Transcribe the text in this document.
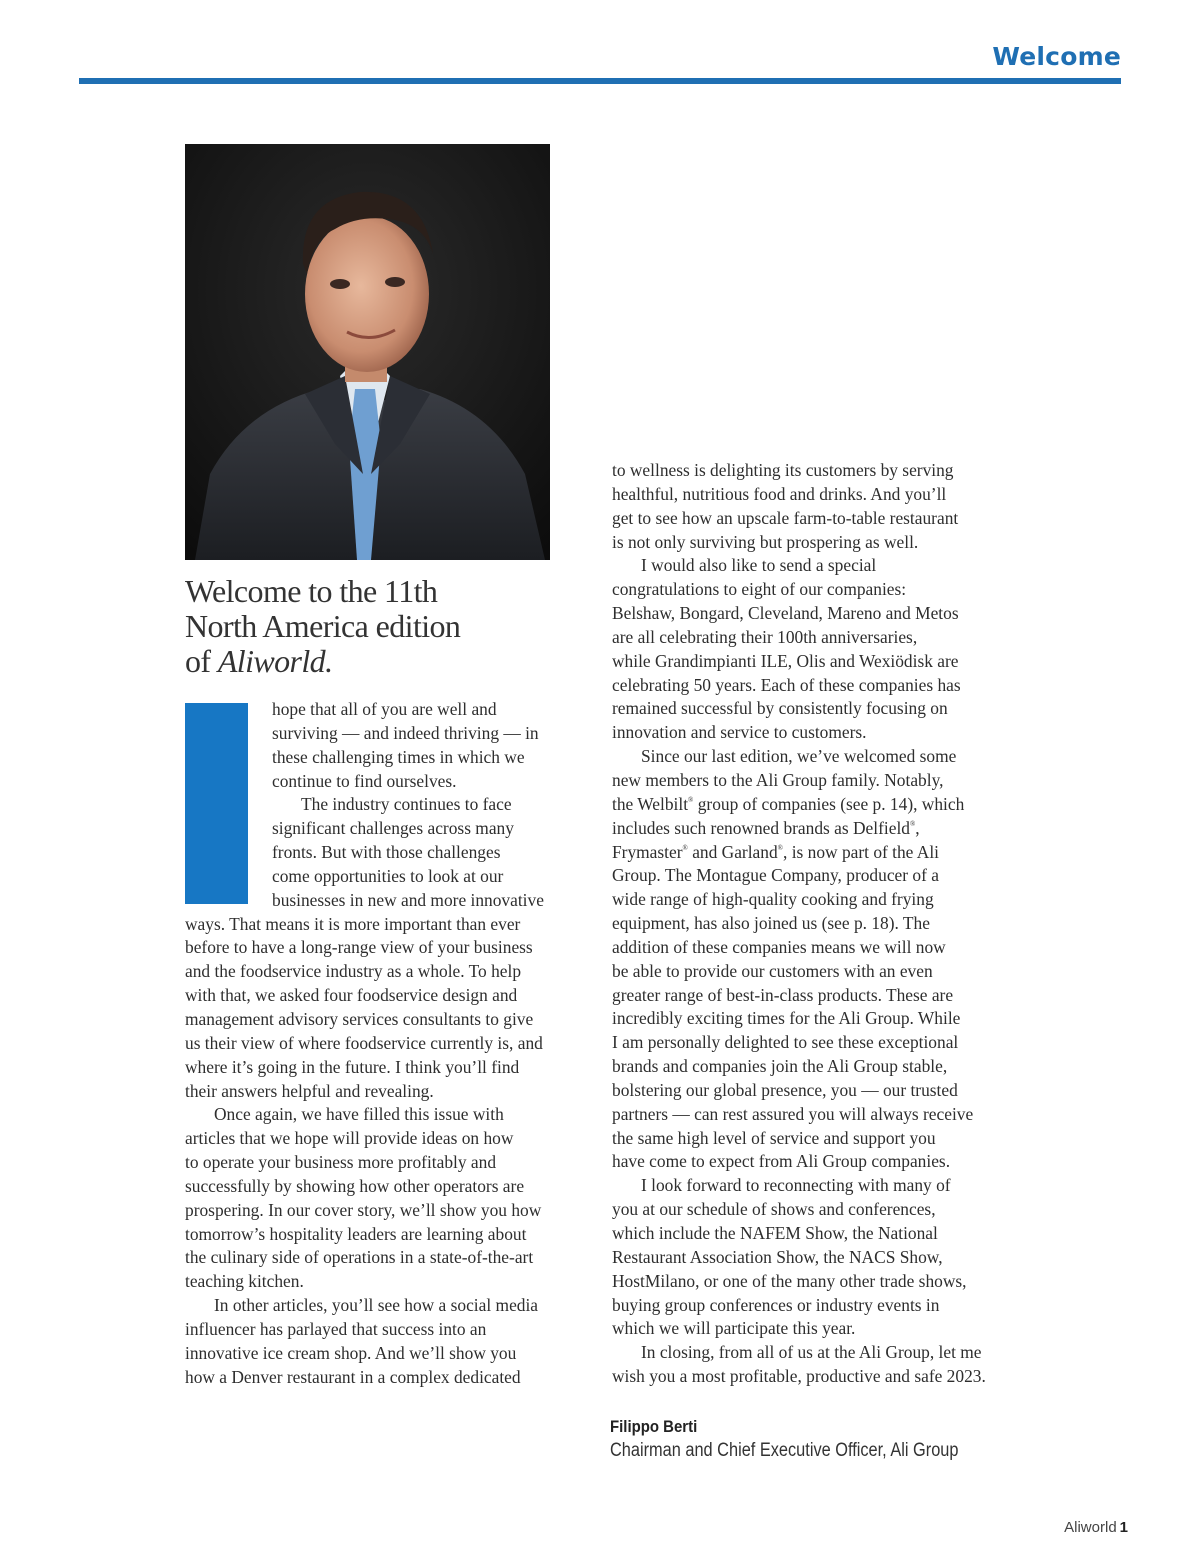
Welcome
Welcome to the 11th
North America edition
of Aliworld.
hope that all of you are well and
surviving — and indeed thriving — in
these challenging times in which we
continue to find ourselves.
The industry continues to face
significant challenges across many
fronts. But with those challenges
come opportunities to look at our
businesses in new and more innovative
ways. That means it is more important than ever
before to have a long-range view of your business
and the foodservice industry as a whole. To help
with that, we asked four foodservice design and
management advisory services consultants to give
us their view of where foodservice currently is, and
where it’s going in the future. I think you’ll find
their answers helpful and revealing.
Once again, we have filled this issue with
articles that we hope will provide ideas on how
to operate your business more profitably and
successfully by showing how other operators are
prospering. In our cover story, we’ll show you how
tomorrow’s hospitality leaders are learning about
the culinary side of operations in a state-of-the-art
teaching kitchen.
In other articles, you’ll see how a social media
influencer has parlayed that success into an
innovative ice cream shop. And we’ll show you
how a Denver restaurant in a complex dedicated
to wellness is delighting its customers by serving
healthful, nutritious food and drinks. And you’ll
get to see how an upscale farm-to-table restaurant
is not only surviving but prospering as well.
I would also like to send a special
congratulations to eight of our companies:
Belshaw, Bongard, Cleveland, Mareno and Metos
are all celebrating their 100th anniversaries,
while Grandimpianti ILE, Olis and Wexiödisk are
celebrating 50 years. Each of these companies has
remained successful by consistently focusing on
innovation and service to customers.
Since our last edition, we’ve welcomed some
new members to the Ali Group family. Notably,
the Welbilt® group of companies (see p. 14), which
includes such renowned brands as Delfield®,
Frymaster® and Garland®, is now part of the Ali
Group. The Montague Company, producer of a
wide range of high-quality cooking and frying
equipment, has also joined us (see p. 18). The
addition of these companies means we will now
be able to provide our customers with an even
greater range of best-in-class products. These are
incredibly exciting times for the Ali Group. While
I am personally delighted to see these exceptional
brands and companies join the Ali Group stable,
bolstering our global presence, you — our trusted
partners — can rest assured you will always receive
the same high level of service and support you
have come to expect from Ali Group companies.
I look forward to reconnecting with many of
you at our schedule of shows and conferences,
which include the NAFEM Show, the National
Restaurant Association Show, the NACS Show,
HostMilano, or one of the many other trade shows,
buying group conferences or industry events in
which we will participate this year.
In closing, from all of us at the Ali Group, let me
wish you a most profitable, productive and safe 2023.
Filippo Berti
Chairman and Chief Executive Officer, Ali Group
Aliworld 1
